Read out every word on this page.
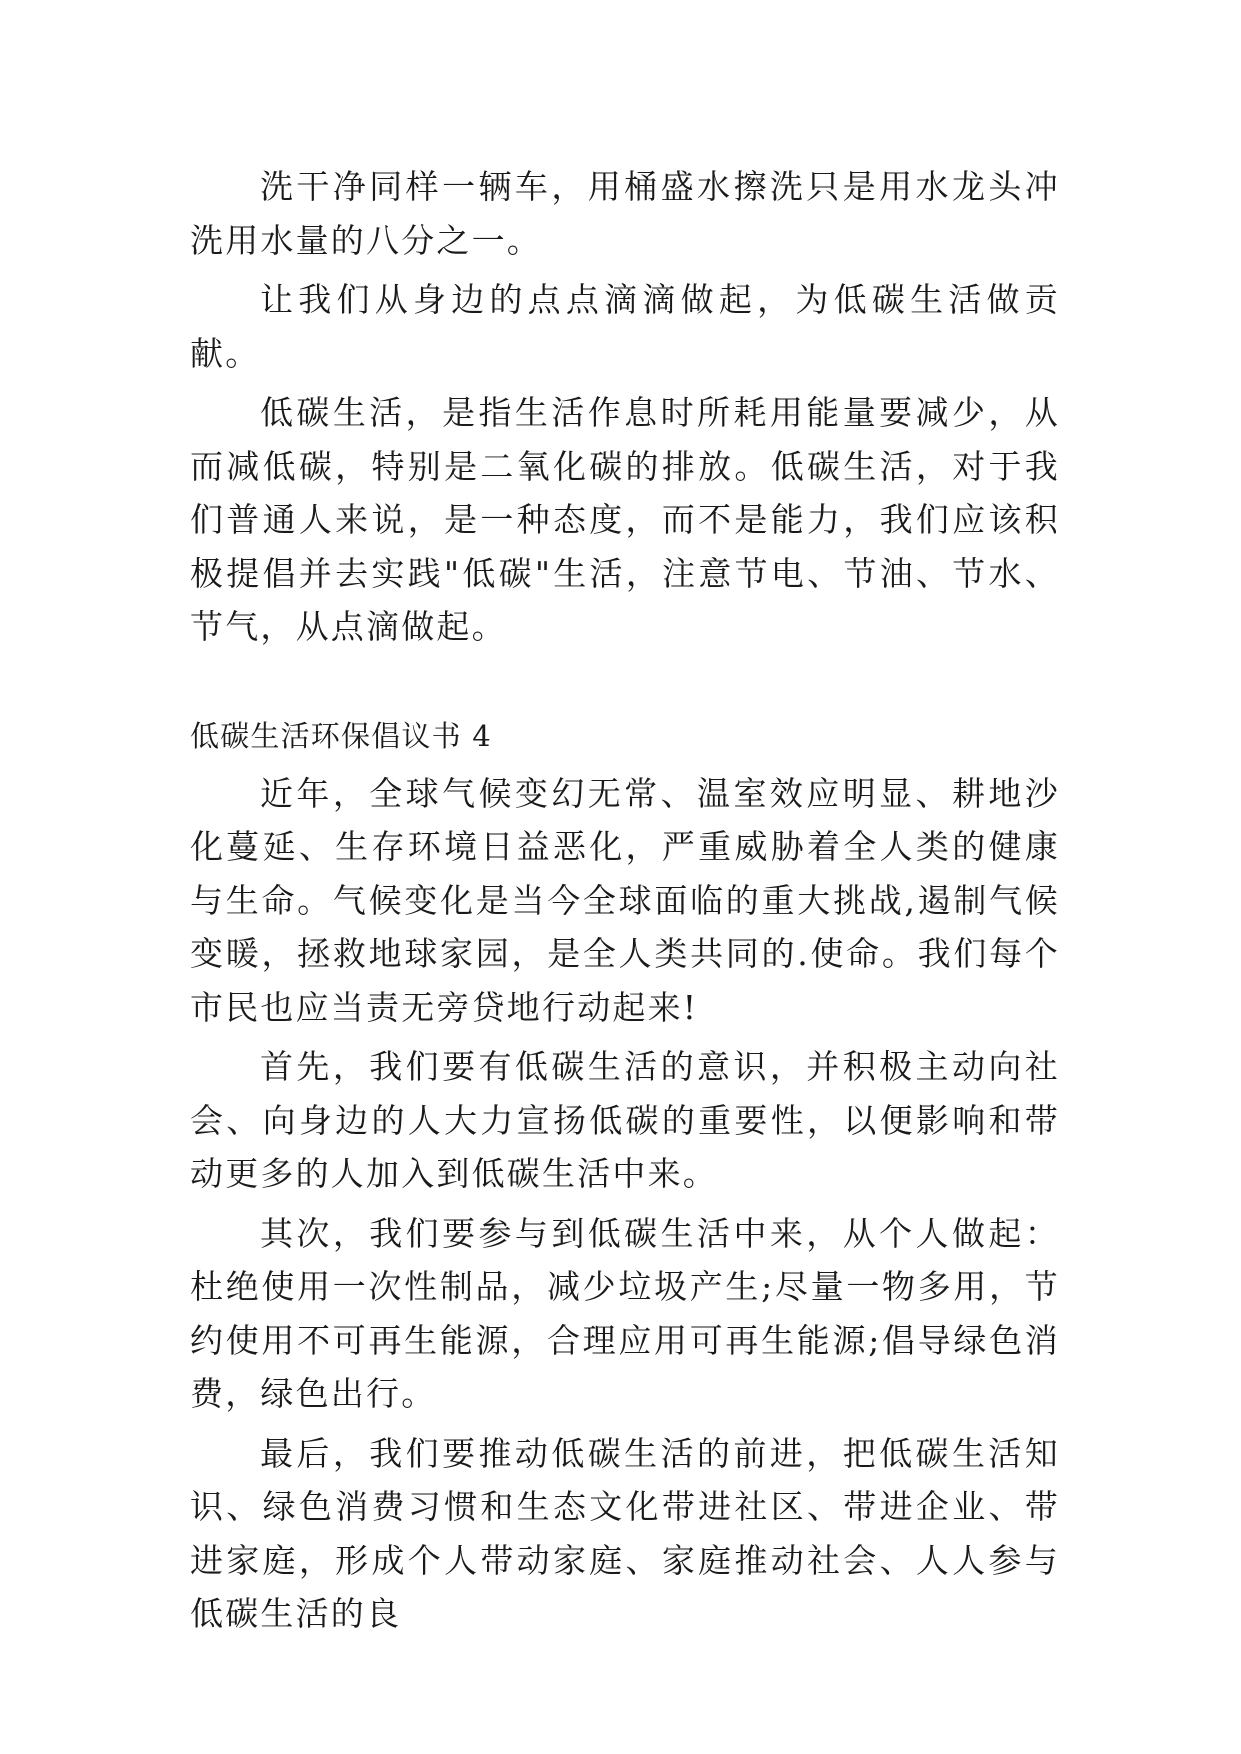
洗干净同样一辆车，用桶盛水擦洗只是用水龙头冲洗用水量的八分之一。

让我们从身边的点点滴滴做起，为低碳生活做贡献。

低碳生活，是指生活作息时所耗用能量要减少，从而减低碳，特别是二氧化碳的排放。低碳生活，对于我们普通人来说，是一种态度，而不是能力，我们应该积极提倡并去实践"低碳"生活，注意节电、节油、节水、节气，从点滴做起。

低碳生活环保倡议书 4

近年，全球气候变幻无常、温室效应明显、耕地沙化蔓延、生存环境日益恶化，严重威胁着全人类的健康与生命。气候变化是当今全球面临的重大挑战,遏制气候变暖，拯救地球家园，是全人类共同的.使命。我们每个市民也应当责无旁贷地行动起来!

首先，我们要有低碳生活的意识，并积极主动向社会、向身边的人大力宣扬低碳的重要性，以便影响和带动更多的人加入到低碳生活中来。

其次，我们要参与到低碳生活中来，从个人做起：杜绝使用一次性制品，减少垃圾产生;尽量一物多用，节约使用不可再生能源，合理应用可再生能源;倡导绿色消费，绿色出行。

最后，我们要推动低碳生活的前进，把低碳生活知识、绿色消费习惯和生态文化带进社区、带进企业、带进家庭，形成个人带动家庭、家庭推动社会、人人参与低碳生活的良
